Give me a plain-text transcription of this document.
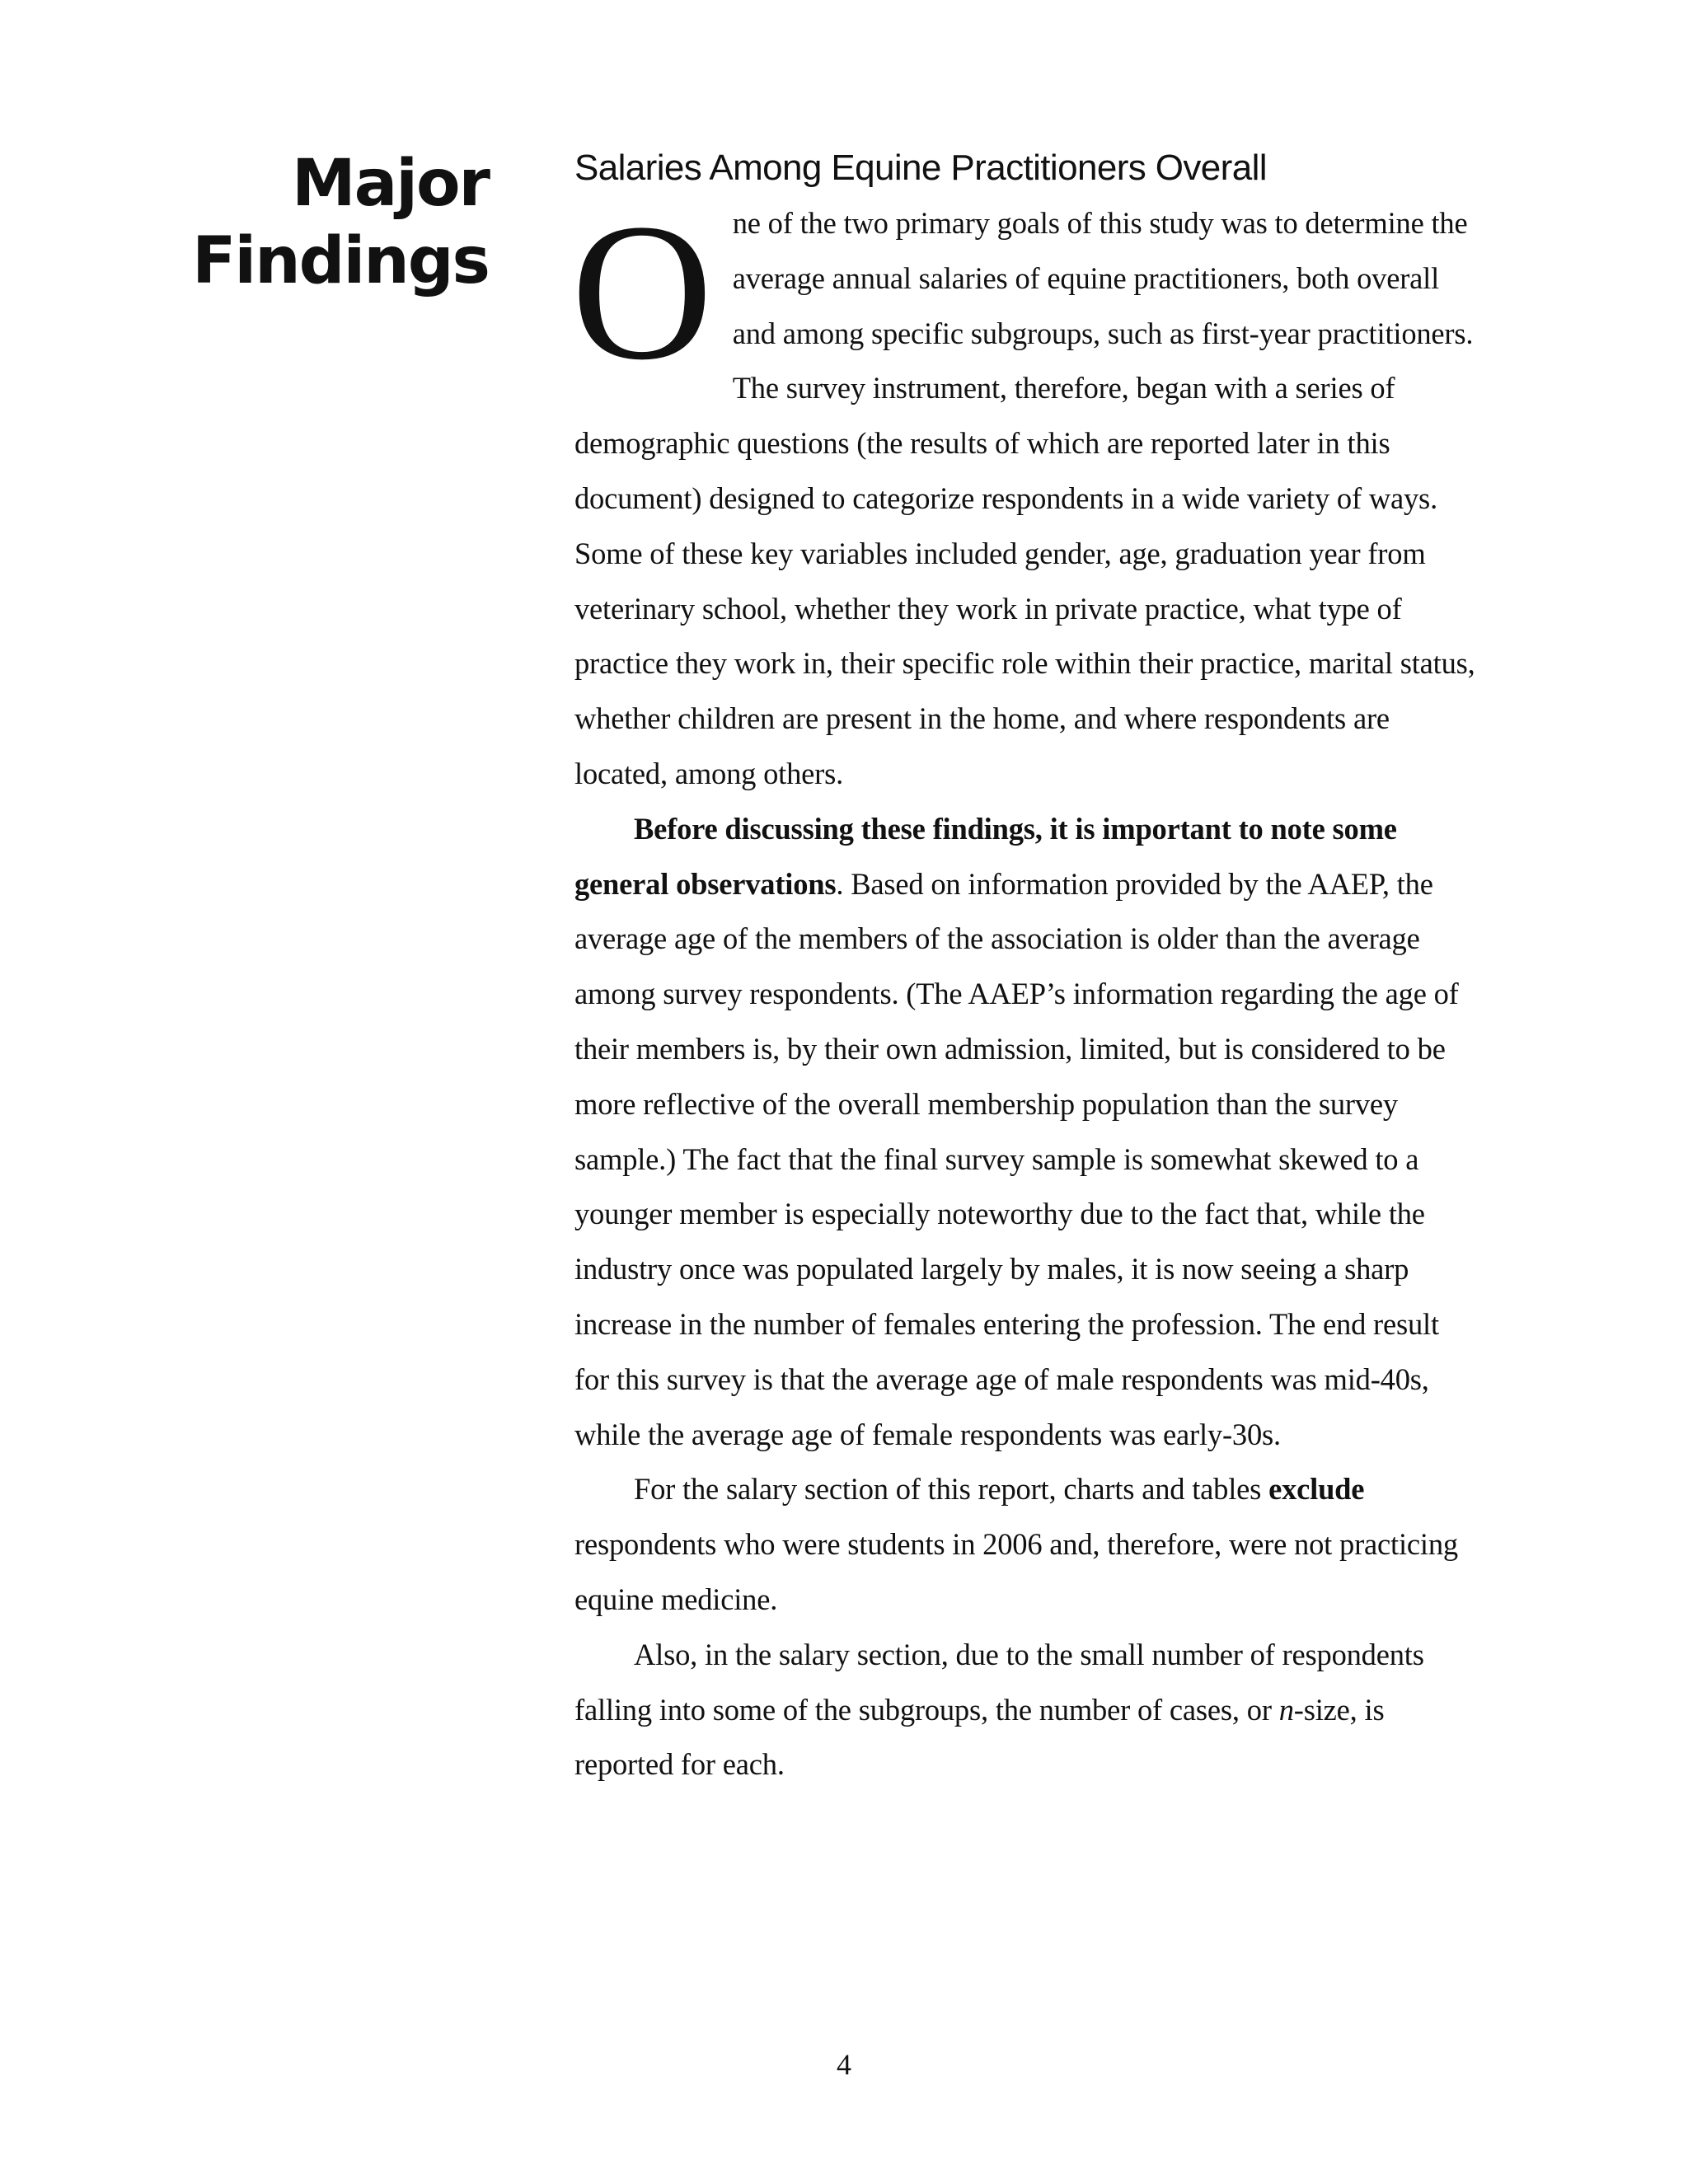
Major
Findings
Salaries Among Equine Practitioners Overall

One of the two primary goals of this study was to determine the average annual salaries of equine practitioners, both overall and among specific subgroups, such as first-year practitioners. The survey instrument, therefore, began with a series of demographic questions (the results of which are reported later in this document) designed to categorize respondents in a wide variety of ways. Some of these key variables included gender, age, graduation year from veterinary school, whether they work in private practice, what type of practice they work in, their specific role within their practice, marital status, whether children are present in the home, and where respondents are located, among others.

Before discussing these findings, it is important to note some general observations. Based on information provided by the AAEP, the average age of the members of the association is older than the average among survey respondents. (The AAEP’s information regarding the age of their members is, by their own admission, limited, but is considered to be more reflective of the overall membership population than the survey sample.) The fact that the final survey sample is somewhat skewed to a younger member is especially noteworthy due to the fact that, while the industry once was populated largely by males, it is now seeing a sharp increase in the number of females entering the profession. The end result for this survey is that the average age of male respondents was mid-40s, while the average age of female respondents was early-30s.

For the salary section of this report, charts and tables exclude respondents who were students in 2006 and, therefore, were not practicing equine medicine.

Also, in the salary section, due to the small number of respondents falling into some of the subgroups, the number of cases, or n-size, is reported for each.

4
